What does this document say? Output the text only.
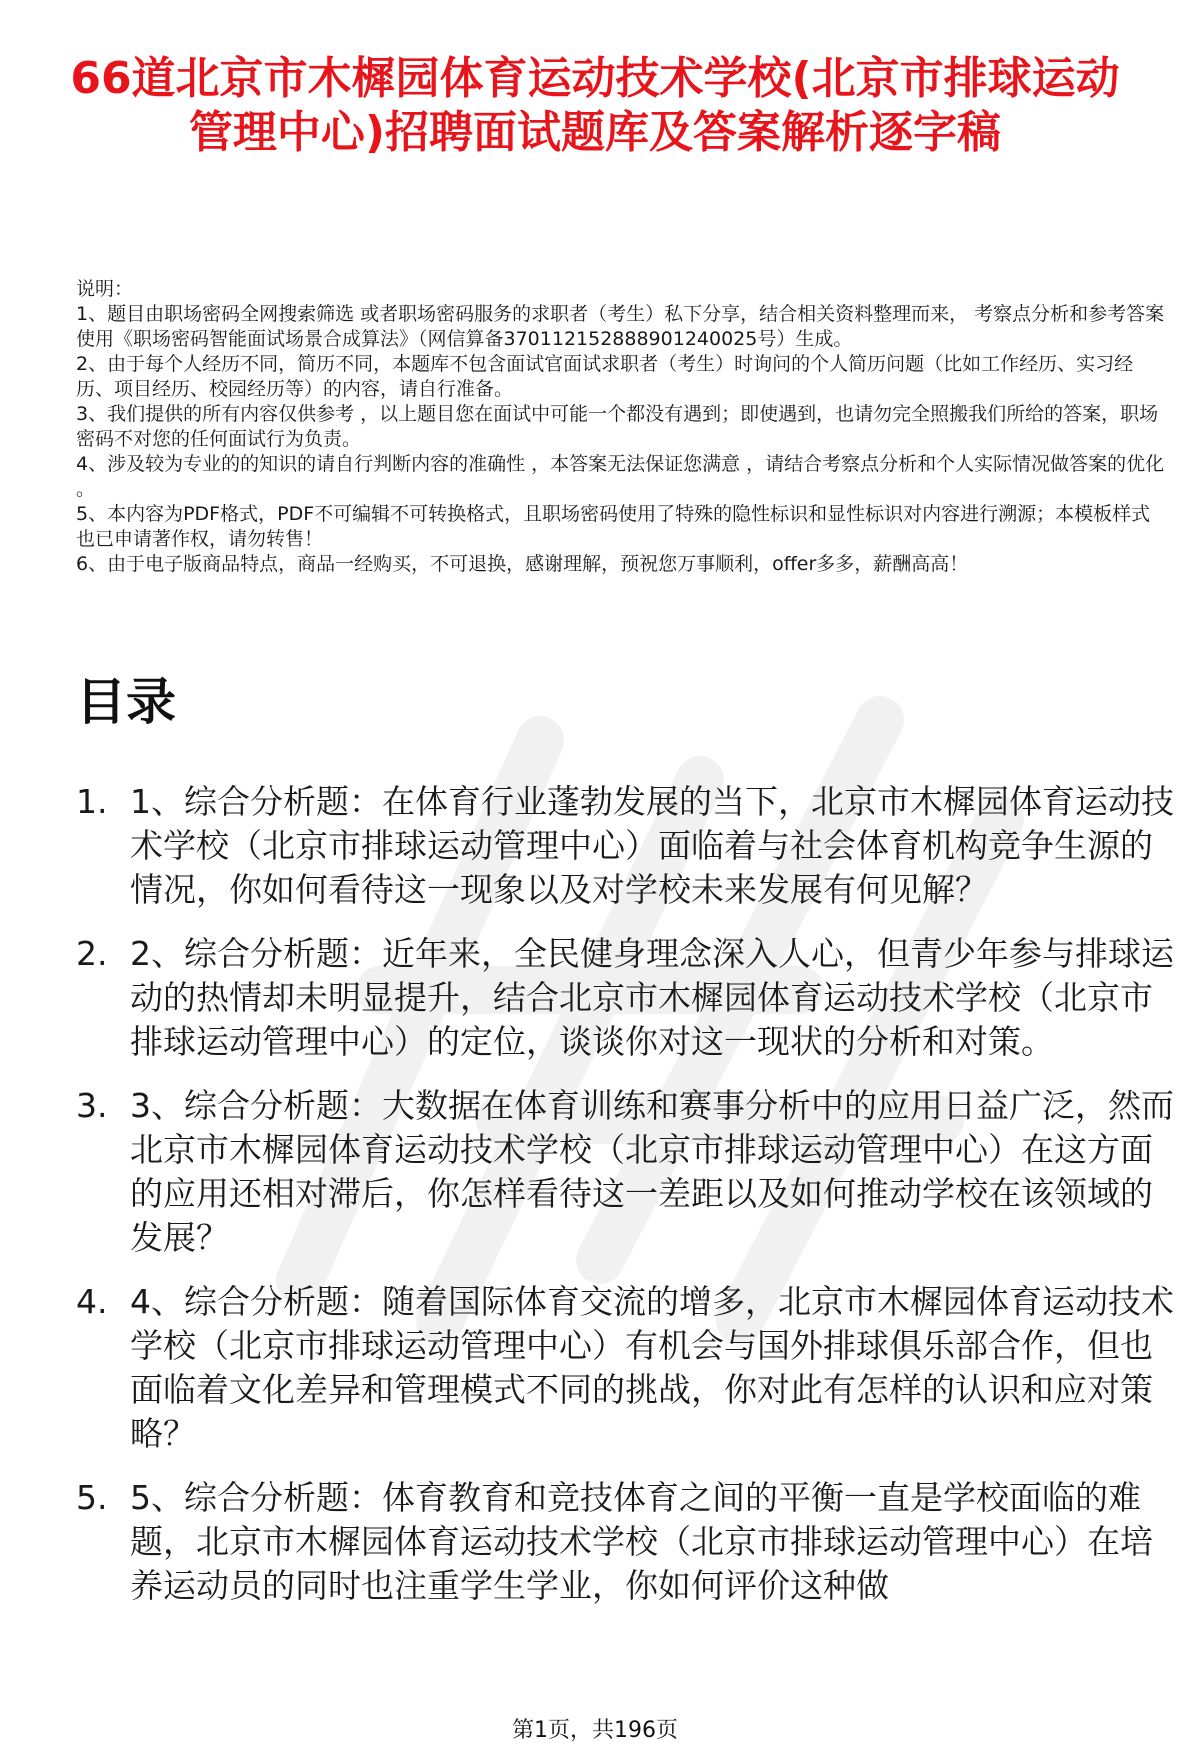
66道北京市木樨园体育运动技术学校(北京市排球运动管理中心)招聘面试题库及答案解析逐字稿
说明：
1、题目由职场密码全网搜索筛选 或者职场密码服务的求职者（考生）私下分享，结合相关资料整理而来， 考察点分析和参考答案使用《职场密码智能面试场景合成算法》（网信算备370112152888901240025号）生成。
2、由于每个人经历不同，简历不同，本题库不包含面试官面试求职者（考生）时询问的个人简历问题（比如工作经历、实习经历、项目经历、校园经历等）的内容，请自行准备。
3、我们提供的所有内容仅供参考 ，以上题目您在面试中可能一个都没有遇到；即使遇到，也请勿完全照搬我们所给的答案，职场密码不对您的任何面试行为负责。
4、涉及较为专业的的知识的请自行判断内容的准确性 ，本答案无法保证您满意 ，请结合考察点分析和个人实际情况做答案的优化 。
5、本内容为PDF格式，PDF不可编辑不可转换格式，且职场密码使用了特殊的隐性标识和显性标识对内容进行溯源；本模板样式也已申请著作权，请勿转售！
6、由于电子版商品特点，商品一经购买，不可退换，感谢理解，预祝您万事顺利，offer多多，薪酬高高！
目录
1. 1、综合分析题：在体育行业蓬勃发展的当下，北京市木樨园体育运动技术学校（北京市排球运动管理中心）面临着与社会体育机构竞争生源的情况，你如何看待这一现象以及对学校未来发展有何见解？
2. 2、综合分析题：近年来，全民健身理念深入人心，但青少年参与排球运动的热情却未明显提升，结合北京市木樨园体育运动技术学校（北京市排球运动管理中心）的定位，谈谈你对这一现状的分析和对策。
3. 3、综合分析题：大数据在体育训练和赛事分析中的应用日益广泛，然而北京市木樨园体育运动技术学校（北京市排球运动管理中心）在这方面的应用还相对滞后，你怎样看待这一差距以及如何推动学校在该领域的发展？
4. 4、综合分析题：随着国际体育交流的增多，北京市木樨园体育运动技术学校（北京市排球运动管理中心）有机会与国外排球俱乐部合作，但也面临着文化差异和管理模式不同的挑战，你对此有怎样的认识和应对策略？
5. 5、综合分析题：体育教育和竞技体育之间的平衡一直是学校面临的难题，北京市木樨园体育运动技术学校（北京市排球运动管理中心）在培养运动员的同时也注重学生学业，你如何评价这种做
第1页，共196页
